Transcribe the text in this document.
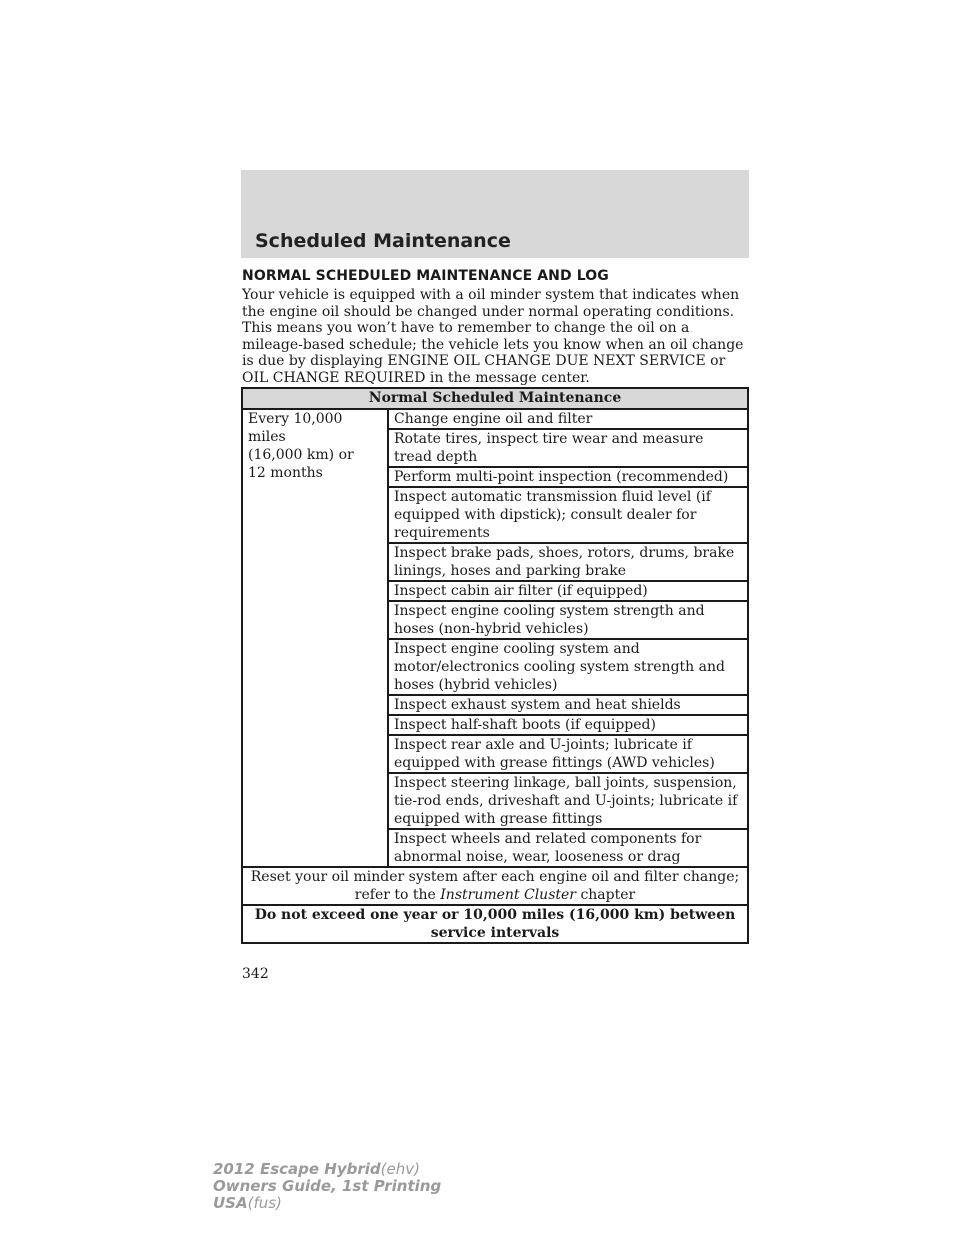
Scheduled Maintenance
NORMAL SCHEDULED MAINTENANCE AND LOG

Your vehicle is equipped with a oil minder system that indicates when the engine oil should be changed under normal operating conditions. This means you won’t have to remember to change the oil on a mileage-based schedule; the vehicle lets you know when an oil change is due by displaying ENGINE OIL CHANGE DUE NEXT SERVICE or OIL CHANGE REQUIRED in the message center.

Normal Scheduled Maintenance

Every 10,000 miles
(16,000 km) or
12 months
	Change engine oil and filter
Rotate tires, inspect tire wear and measure tread depth
Perform multi-point inspection (recommended)
Inspect automatic transmission fluid level (if equipped with dipstick); consult dealer for requirements
Inspect brake pads, shoes, rotors, drums, brake linings, hoses and parking brake
Inspect cabin air filter (if equipped)
Inspect engine cooling system strength and hoses (non-hybrid vehicles)
Inspect engine cooling system and motor/electronics cooling system strength and hoses (hybrid vehicles)
Inspect exhaust system and heat shields
Inspect half-shaft boots (if equipped)
Inspect rear axle and U-joints; lubricate if equipped with grease fittings (AWD vehicles)
Inspect steering linkage, ball joints, suspension, tie-rod ends, driveshaft and U-joints; lubricate if equipped with grease fittings
Inspect wheels and related components for abnormal noise, wear, looseness or drag

Reset your oil minder system after each engine oil and filter change;
refer to the Instrument Cluster chapter

Do not exceed one year or 10,000 miles (16,000 km) between
service intervals
342
2012 Escape Hybrid(ehv)
Owners Guide, 1st Printing
USA(fus)
